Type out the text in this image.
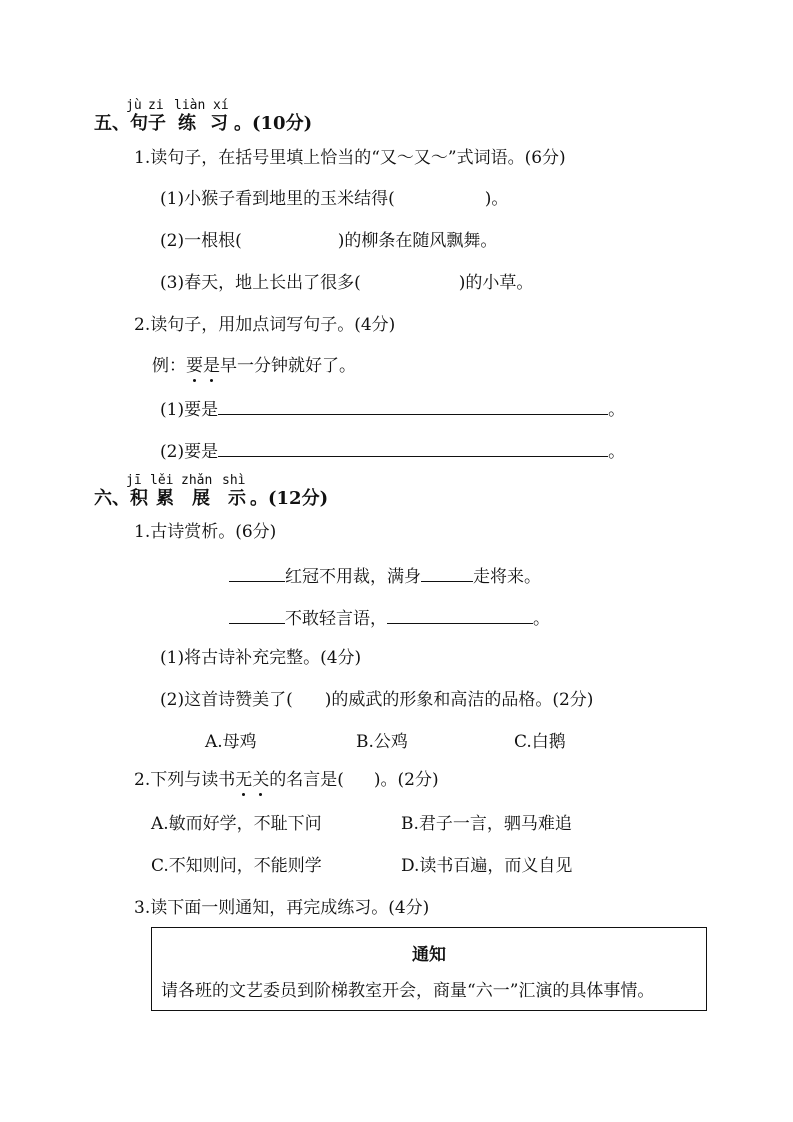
jù zi liàn xí
五、句子 练 习 。(10分)
1.读句子，在括号里填上恰当的“又～又～”式词语。(6分)
(1)小猴子看到地里的玉米结得(	)。
(2)一根根(	)的柳条在随风飘舞。
(3)春天，地上长出了很多(	)的小草。
2.读句子，用加点词写句子。(4分)
例：要是早一分钟就好了。
(1)要是	。
(2)要是	。
jī lěi zhǎn shì
六、积 累 展 示 。(12分)
1.古诗赏析。(6分)
红冠不用裁，满身	走将来。
不敢轻言语，	。
(1)将古诗补充完整。(4分)
(2)这首诗赞美了( )的威武的形象和高洁的品格。(2分)
A.母鸡	B.公鸡	C.白鹅
2.下列与读书无关的名言是( )。(2分)
A.敏而好学，不耻下问	B.君子一言，驷马难追
C.不知则问，不能则学	D.读书百遍，而义自见
3.读下面一则通知，再完成练习。(4分)
通知
请各班的文艺委员到阶梯教室开会，商量“六一”汇演的具体事情。
